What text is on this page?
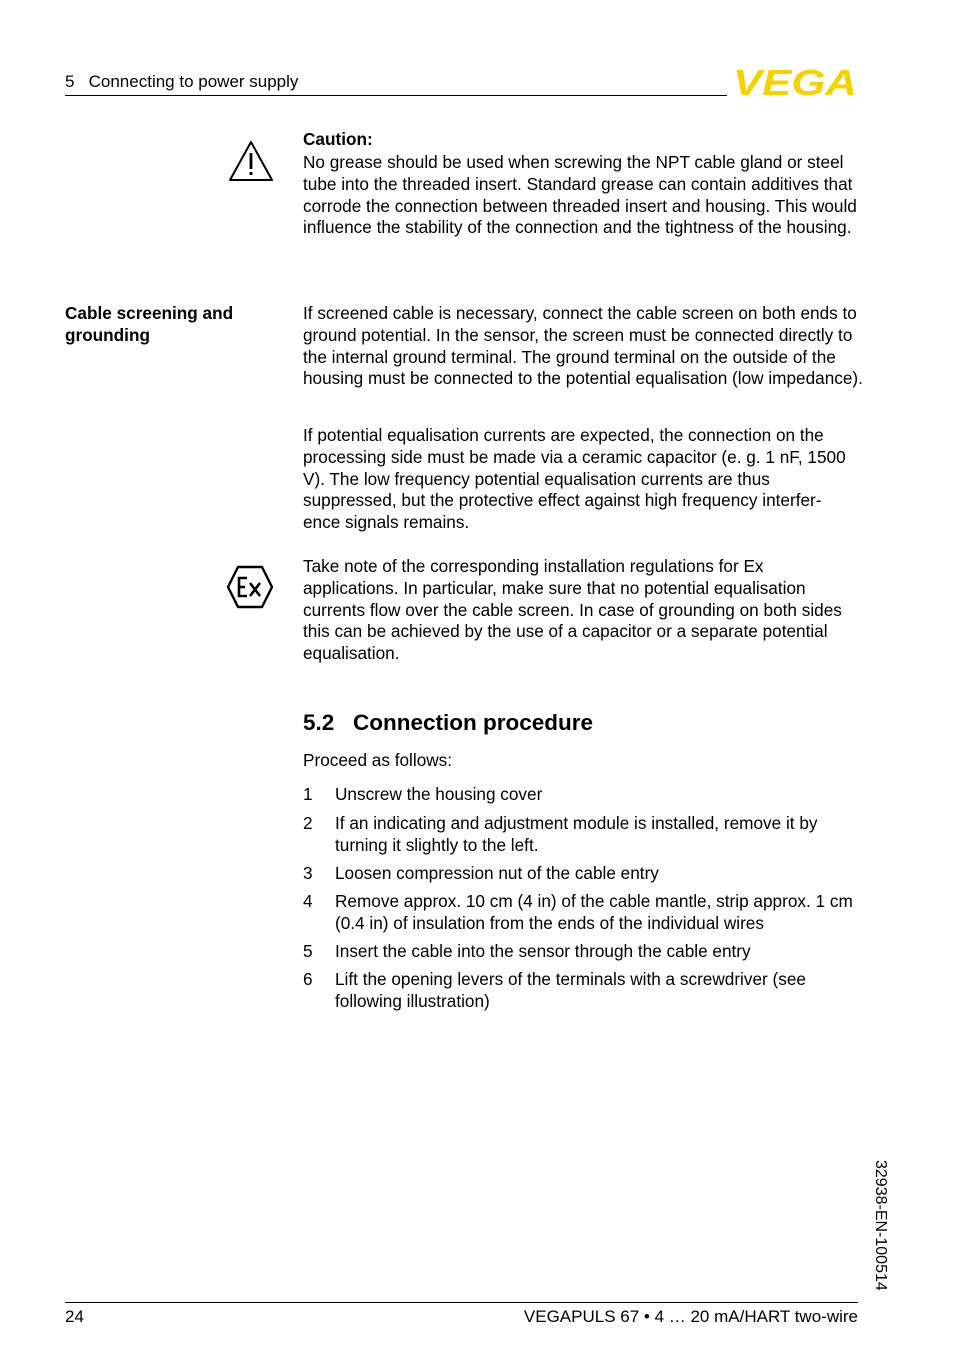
5   Connecting to power supply	VEGA
Caution:
No grease should be used when screwing the NPT cable gland or steel tube into the threaded insert. Standard grease can contain additives that corrode the connection between threaded insert and housing. This would influence the stability of the connection and the tightness of the housing.
Cable screening and grounding
If screened cable is necessary, connect the cable screen on both ends to ground potential. In the sensor, the screen must be connected directly to the internal ground terminal. The ground terminal on the outside of the housing must be connected to the potential equalisation (low impedance).
If potential equalisation currents are expected, the connection on the processing side must be made via a ceramic capacitor (e. g. 1 nF, 1500 V). The low frequency potential equalisation currents are thus suppressed, but the protective effect against high frequency interfer- ence signals remains.
Take note of the corresponding installation regulations for Ex applications. In particular, make sure that no potential equalisation currents flow over the cable screen. In case of grounding on both sides this can be achieved by the use of a capacitor or a separate potential equalisation.
5.2   Connection procedure
Proceed as follows:
1	Unscrew the housing cover
2	If an indicating and adjustment module is installed, remove it by turning it slightly to the left.
3	Loosen compression nut of the cable entry
4	Remove approx. 10 cm (4 in) of the cable mantle, strip approx. 1 cm (0.4 in) of insulation from the ends of the individual wires
5	Insert the cable into the sensor through the cable entry
6	Lift the opening levers of the terminals with a screwdriver (see following illustration)
32938-EN-100514
24	VEGAPULS 67 • 4 … 20 mA/HART two-wire
